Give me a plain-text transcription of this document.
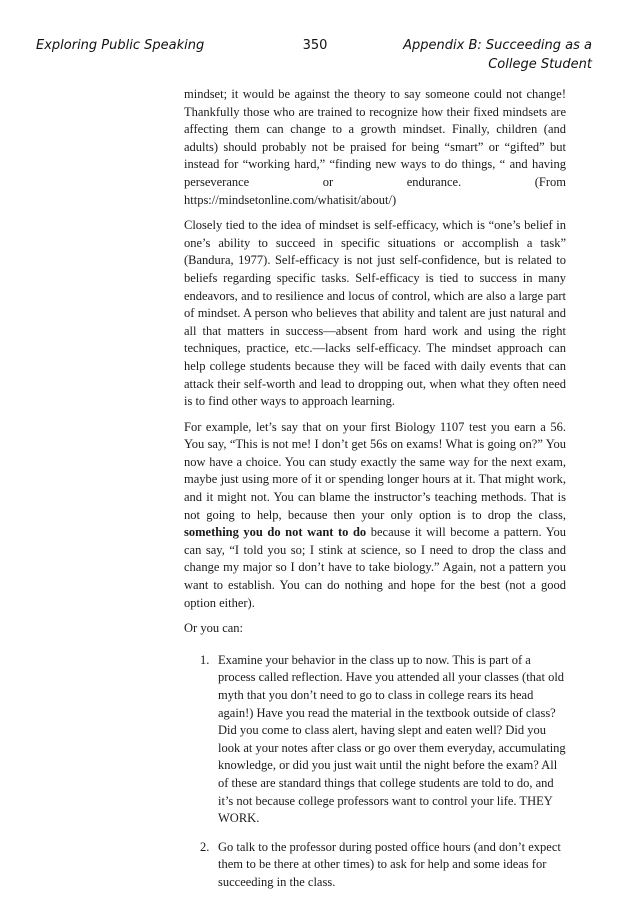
Exploring Public Speaking	350	Appendix B: Succeeding as a
College Student

mindset; it would be against the theory to say someone could not change! Thankfully those who are trained to recognize how their fixed mindsets are affecting them can change to a growth mindset. Finally, children (and adults) should probably not be praised for being “smart” or “gifted” but instead for “working hard,” “finding new ways to do things, “ and having perseverance or endurance. (From https://mindsetonline.com/whatisit/about/)

Closely tied to the idea of mindset is self-efficacy, which is “one’s belief in one’s ability to succeed in specific situations or accomplish a task” (Bandura, 1977). Self-efficacy is not just self-confidence, but is related to beliefs regarding specific tasks. Self-efficacy is tied to success in many endeavors, and to resilience and locus of control, which are also a large part of mindset. A person who believes that ability and talent are just natural and all that matters in success—absent from hard work and using the right techniques, practice, etc.—lacks self-efficacy. The mindset approach can help college students because they will be faced with daily events that can attack their self-worth and lead to dropping out, when what they often need is to find other ways to approach learning.

For example, let’s say that on your first Biology 1107 test you earn a 56. You say, “This is not me! I don’t get 56s on exams! What is going on?” You now have a choice. You can study exactly the same way for the next exam, maybe just using more of it or spending longer hours at it. That might work, and it might not. You can blame the instructor’s teaching methods. That is not going to help, because then your only option is to drop the class, something you do not want to do because it will become a pattern. You can say, “I told you so; I stink at science, so I need to drop the class and change my major so I don’t have to take biology.” Again, not a pattern you want to establish. You can do nothing and hope for the best (not a good option either).

Or you can:

1. Examine your behavior in the class up to now. This is part of a process called reflection. Have you attended all your classes (that old myth that you don’t need to go to class in college rears its head again!) Have you read the material in the textbook outside of class? Did you come to class alert, having slept and eaten well? Did you look at your notes after class or go over them everyday, accumulating knowledge, or did you just wait until the night before the exam? All of these are standard things that college students are told to do, and it’s not because college professors want to control your life. THEY WORK.
2. Go talk to the professor during posted office hours (and don’t expect them to be there at other times) to ask for help and some ideas for succeeding in the class.
